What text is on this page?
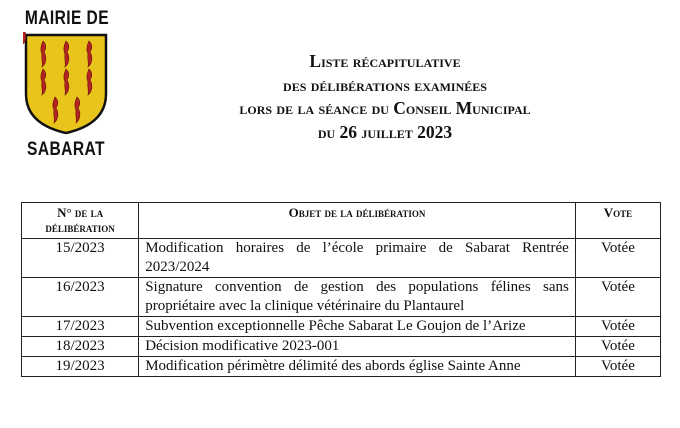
MAIRIE DE
SABARAT
Liste récapitulative
des délibérations examinées
lors de la séance du Conseil Municipal
du 26 juillet 2023
N° de la délibération	Objet de la délibération	Vote
15/2023	Modification horaires de l’école primaire de Sabarat Rentrée 2023/2024	Votée
16/2023	Signature convention de gestion des populations félines sans propriétaire avec la clinique vétérinaire du Plantaurel	Votée
17/2023	Subvention exceptionnelle Pêche Sabarat Le Goujon de l’Arize	Votée
18/2023	Décision modificative 2023-001	Votée
19/2023	Modification périmètre délimité des abords église Sainte Anne	Votée
